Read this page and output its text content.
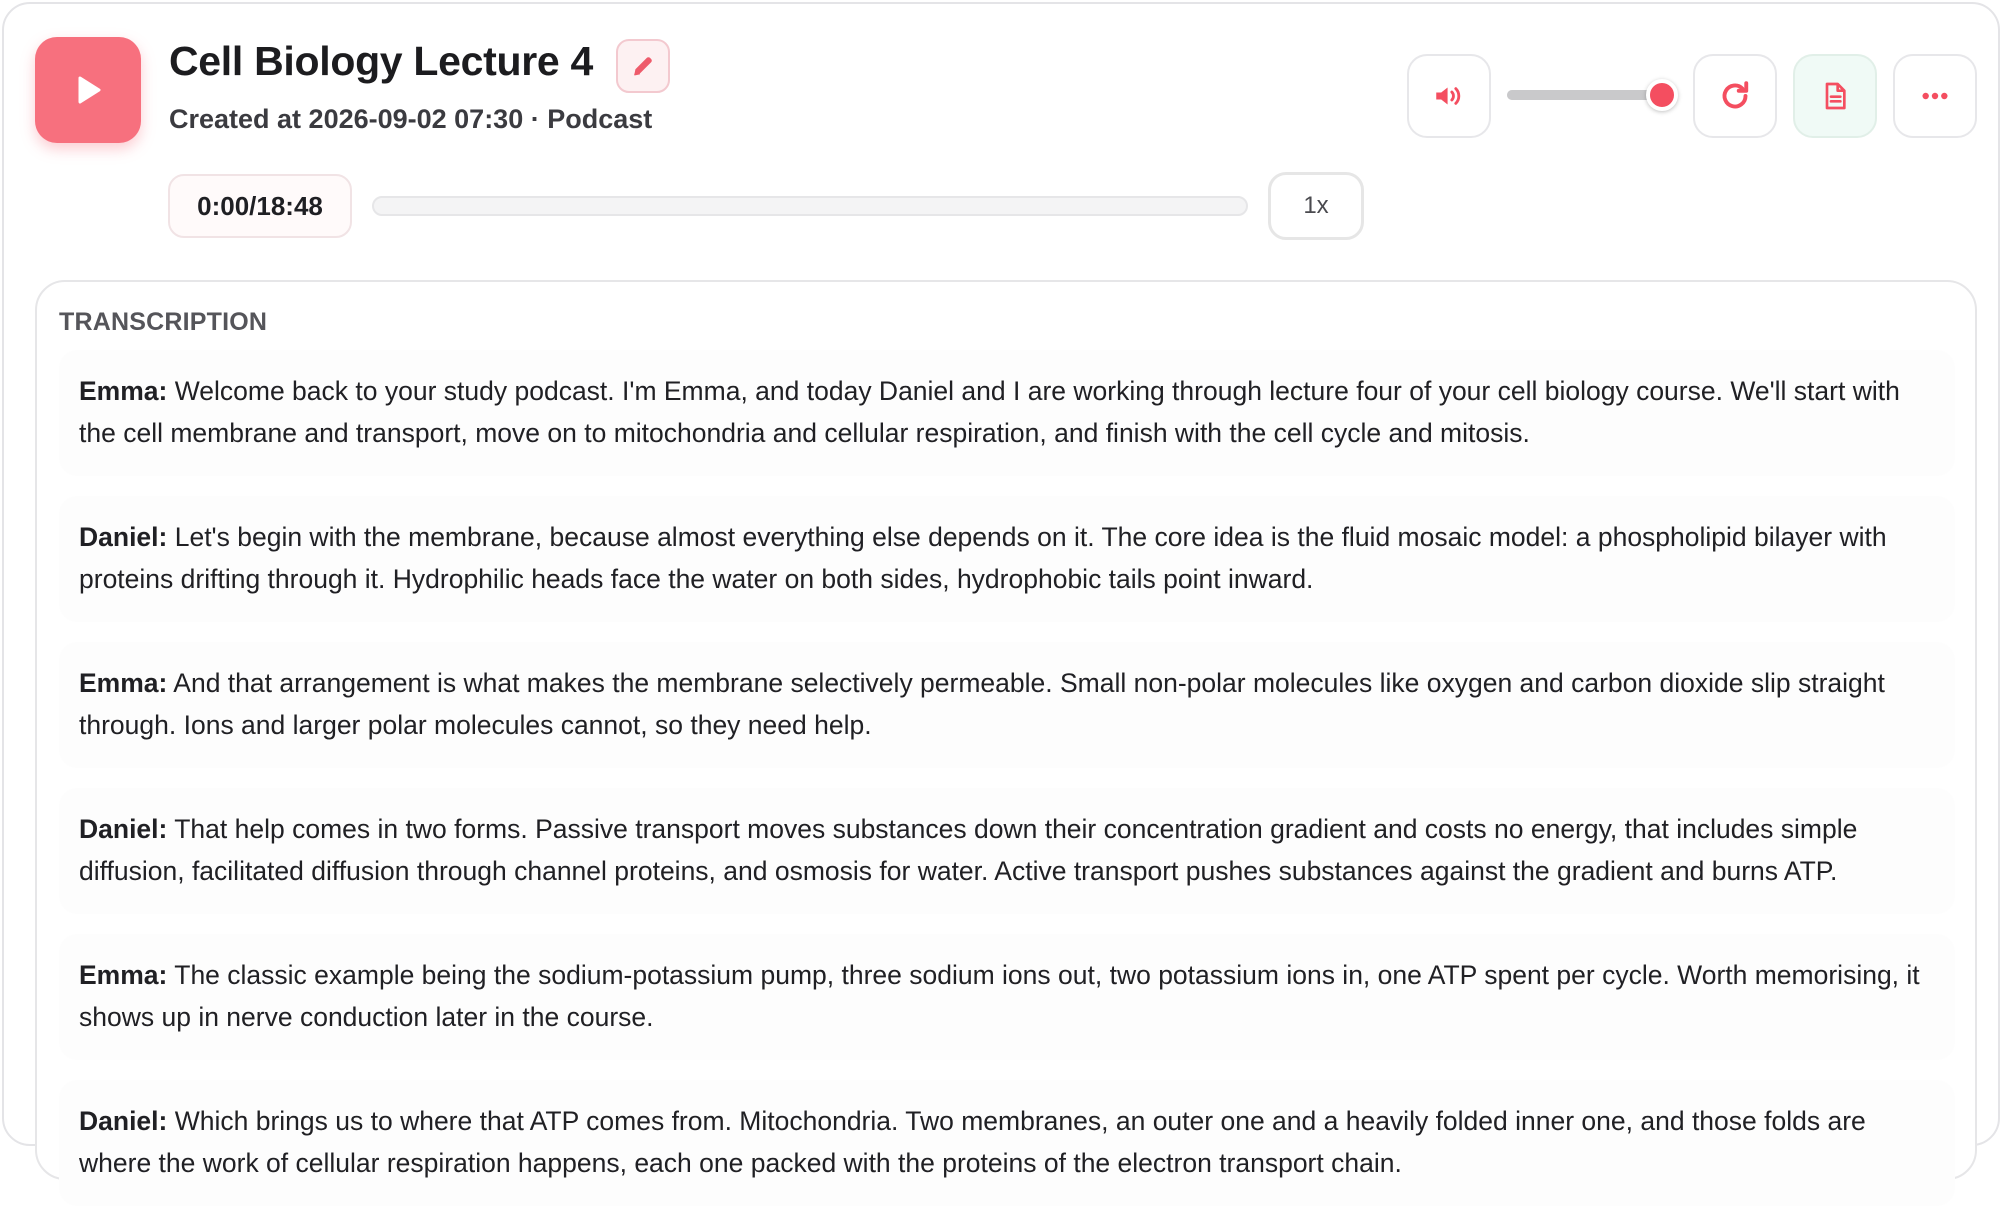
Cell Biology Lecture 4
Created at 2026-09-02 07:30 · Podcast
0:00/18:48	1x
TRANSCRIPTION
Emma: Welcome back to your study podcast. I'm Emma, and today Daniel and I are working through lecture four of your cell biology course. We'll start with the cell membrane and transport, move on to mitochondria and cellular respiration, and finish with the cell cycle and mitosis.
Daniel: Let's begin with the membrane, because almost everything else depends on it. The core idea is the fluid mosaic model: a phospholipid bilayer with proteins drifting through it. Hydrophilic heads face the water on both sides, hydrophobic tails point inward.
Emma: And that arrangement is what makes the membrane selectively permeable. Small non-polar molecules like oxygen and carbon dioxide slip straight through. Ions and larger polar molecules cannot, so they need help.
Daniel: That help comes in two forms. Passive transport moves substances down their concentration gradient and costs no energy, that includes simple diffusion, facilitated diffusion through channel proteins, and osmosis for water. Active transport pushes substances against the gradient and burns ATP.
Emma: The classic example being the sodium-potassium pump, three sodium ions out, two potassium ions in, one ATP spent per cycle. Worth memorising, it shows up in nerve conduction later in the course.
Daniel: Which brings us to where that ATP comes from. Mitochondria. Two membranes, an outer one and a heavily folded inner one, and those folds are where the work of cellular respiration happens, each one packed with the proteins of the electron transport chain.
